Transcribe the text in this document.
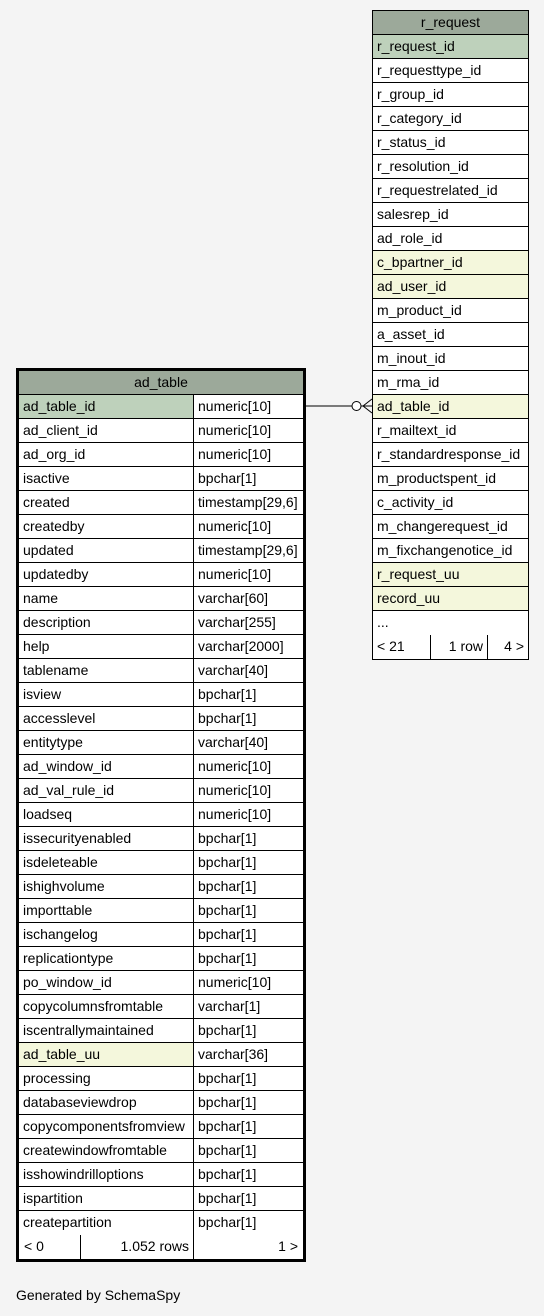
r_request
r_request_id
r_requesttype_id
r_group_id
r_category_id
r_status_id
r_resolution_id
r_requestrelated_id
salesrep_id
ad_role_id
c_bpartner_id
ad_user_id
m_product_id
a_asset_id
m_inout_id
m_rma_id
ad_table_id
r_mailtext_id
r_standardresponse_id
m_productspent_id
c_activity_id
m_changerequest_id
m_fixchangenotice_id
r_request_uu
record_uu
...
< 21	1 row	4 >
ad_table
ad_table_id	numeric[10]
ad_client_id	numeric[10]
ad_org_id	numeric[10]
isactive	bpchar[1]
created	timestamp[29,6]
createdby	numeric[10]
updated	timestamp[29,6]
updatedby	numeric[10]
name	varchar[60]
description	varchar[255]
help	varchar[2000]
tablename	varchar[40]
isview	bpchar[1]
accesslevel	bpchar[1]
entitytype	varchar[40]
ad_window_id	numeric[10]
ad_val_rule_id	numeric[10]
loadseq	numeric[10]
issecurityenabled	bpchar[1]
isdeleteable	bpchar[1]
ishighvolume	bpchar[1]
importtable	bpchar[1]
ischangelog	bpchar[1]
replicationtype	bpchar[1]
po_window_id	numeric[10]
copycolumnsfromtable	varchar[1]
iscentrallymaintained	bpchar[1]
ad_table_uu	varchar[36]
processing	bpchar[1]
databaseviewdrop	bpchar[1]
copycomponentsfromview bpchar[1]
createwindowfromtable	bpchar[1]
isshowindrilloptions	bpchar[1]
ispartition	bpchar[1]
createpartition	bpchar[1]
< 0	1.052 rows	1 >
Generated by SchemaSpy
